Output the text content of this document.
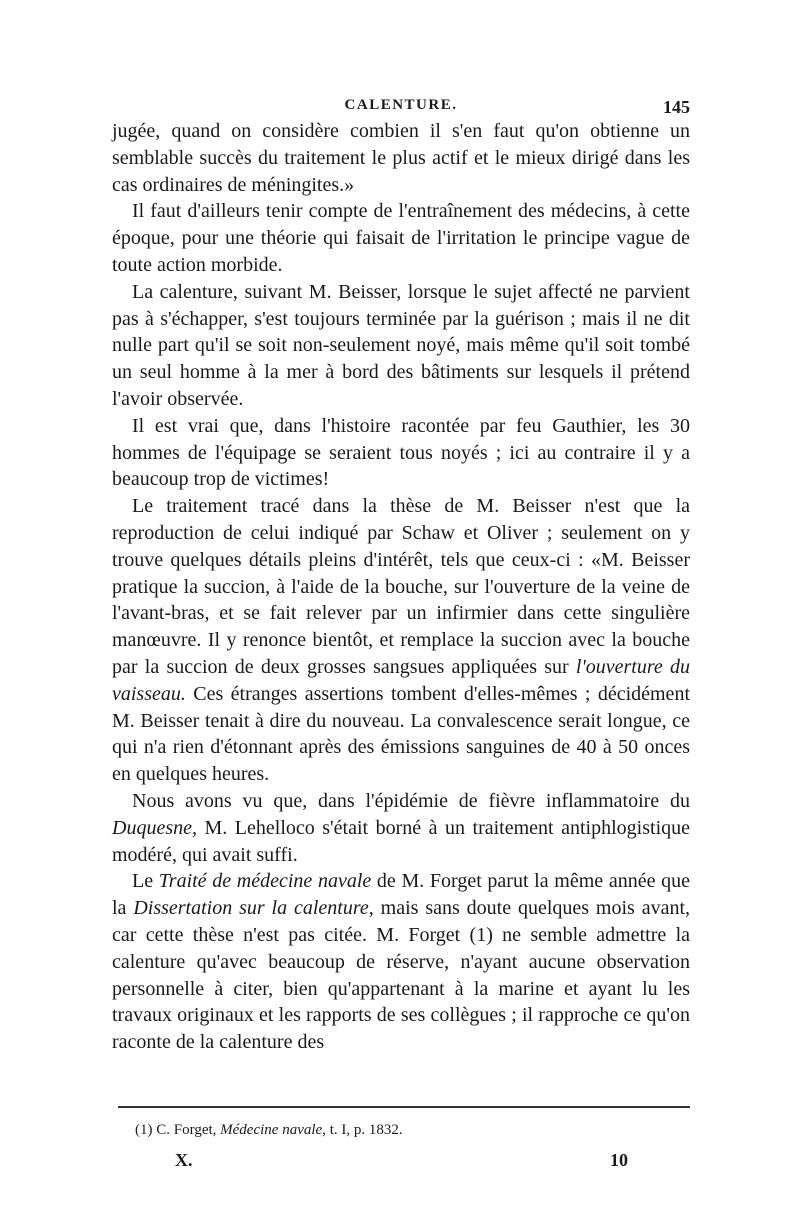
CALENTURE.	145

jugée, quand on considère combien il s'en faut qu'on obtienne un semblable succès du traitement le plus actif et le mieux dirigé dans les cas ordinaires de méningites.»

Il faut d'ailleurs tenir compte de l'entraînement des médecins, à cette époque, pour une théorie qui faisait de l'irritation le principe vague de toute action morbide.

La calenture, suivant M. Beisser, lorsque le sujet affecté ne parvient pas à s'échapper, s'est toujours terminée par la guérison ; mais il ne dit nulle part qu'il se soit non-seulement noyé, mais même qu'il soit tombé un seul homme à la mer à bord des bâtiments sur lesquels il prétend l'avoir observée.

Il est vrai que, dans l'histoire racontée par feu Gauthier, les 30 hommes de l'équipage se seraient tous noyés ; ici au contraire il y a beaucoup trop de victimes!

Le traitement tracé dans la thèse de M. Beisser n'est que la reproduction de celui indiqué par Schaw et Oliver ; seulement on y trouve quelques détails pleins d'intérêt, tels que ceux-ci : «M. Beisser pratique la succion, à l'aide de la bouche, sur l'ouverture de la veine de l'avant-bras, et se fait relever par un infirmier dans cette singulière manœuvre. Il y renonce bientôt, et remplace la succion avec la bouche par la succion de deux grosses sangsues appliquées sur l'ouverture du vaisseau. Ces étranges assertions tombent d'elles-mêmes ; décidément M. Beisser tenait à dire du nouveau. La convalescence serait longue, ce qui n'a rien d'étonnant après des émissions sanguines de 40 à 50 onces en quelques heures.

Nous avons vu que, dans l'épidémie de fièvre inflammatoire du Duquesne, M. Lehelloco s'était borné à un traitement antiphlogistique modéré, qui avait suffi.

Le Traité de médecine navale de M. Forget parut la même année que la Dissertation sur la calenture, mais sans doute quelques mois avant, car cette thèse n'est pas citée. M. Forget (1) ne semble admettre la calenture qu'avec beaucoup de réserve, n'ayant aucune observation personnelle à citer, bien qu'appartenant à la marine et ayant lu les travaux originaux et les rapports de ses collègues ; il rapproche ce qu'on raconte de la calenture des

(1) C. Forget, Médecine navale, t. I, p. 1832.
X.	10
